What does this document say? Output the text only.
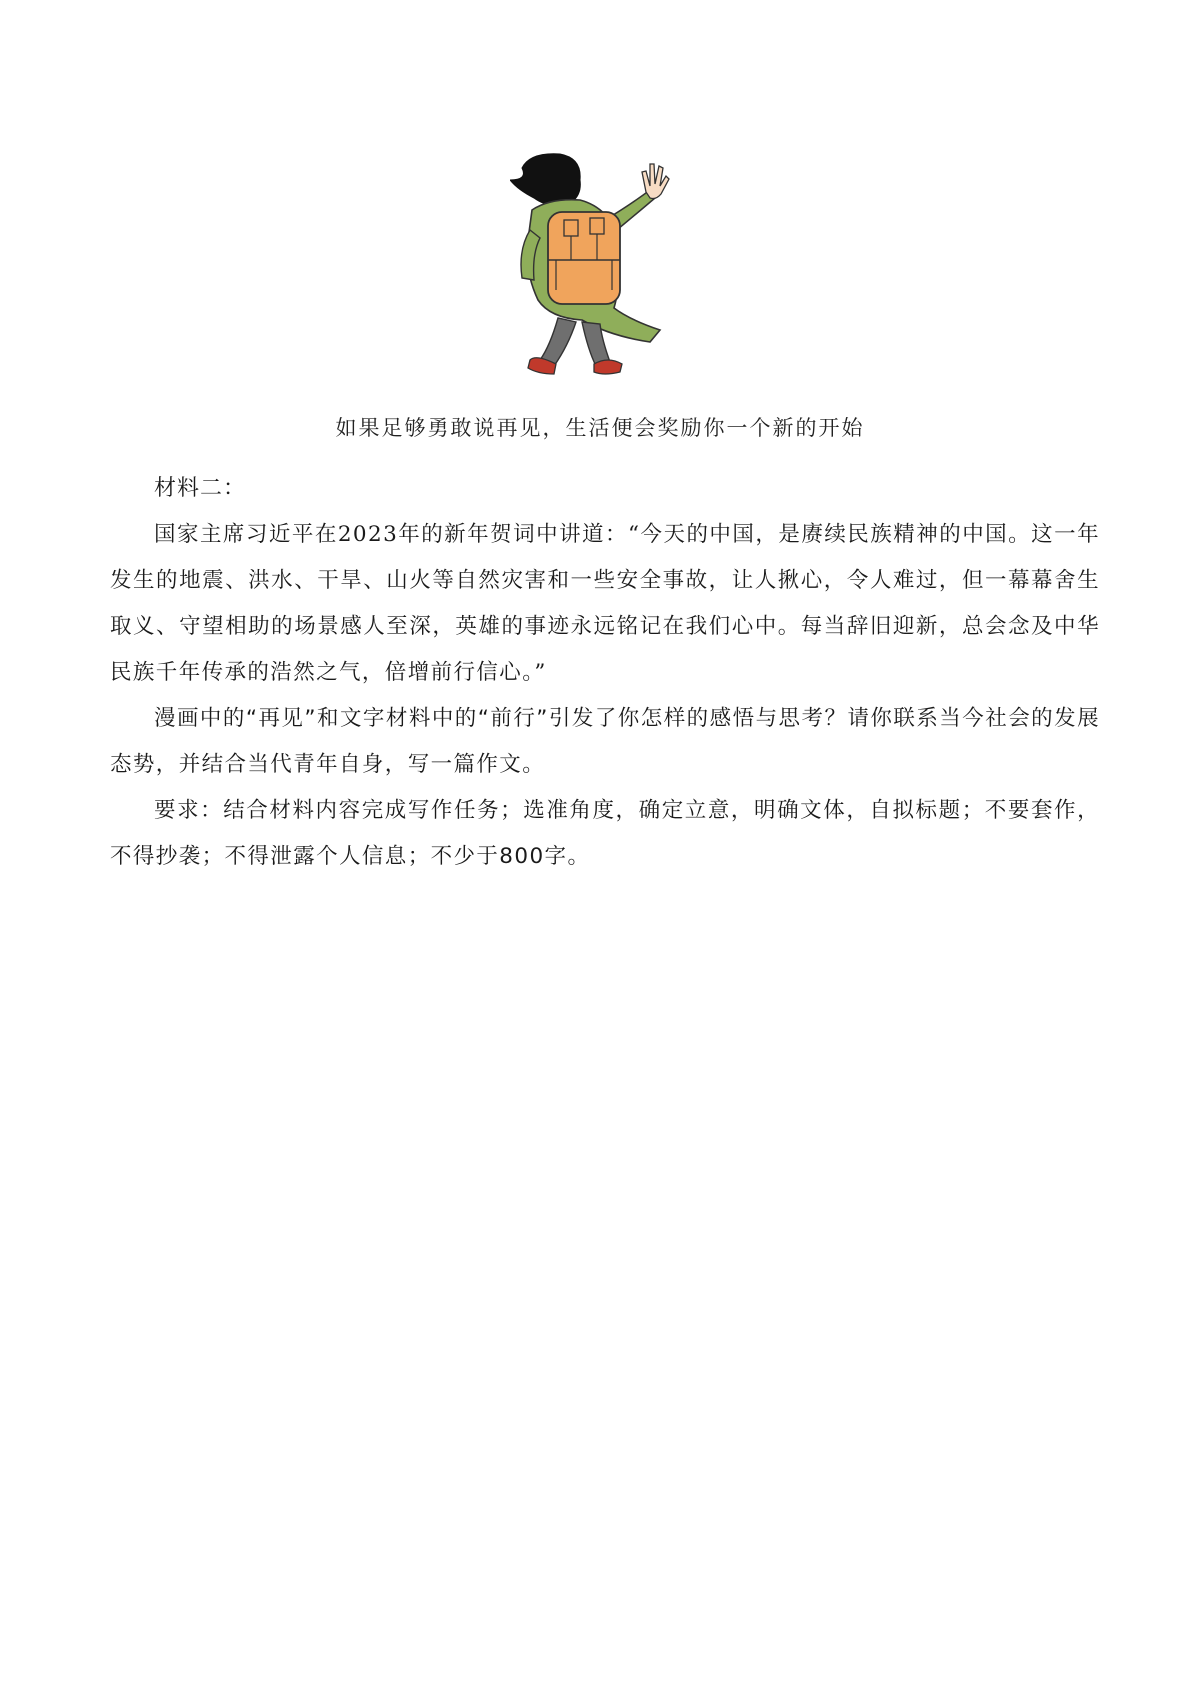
如果足够勇敢说再见，生活便会奖励你一个新的开始

材料二：

国家主席习近平在2023年的新年贺词中讲道：“今天的中国，是赓续民族精神的中国。这一年发生的地震、洪水、干旱、山火等自然灾害和一些安全事故，让人揪心，令人难过，但一幕幕舍生取义、守望相助的场景感人至深，英雄的事迹永远铭记在我们心中。每当辞旧迎新，总会念及中华民族千年传承的浩然之气，倍增前行信心。”

漫画中的“再见”和文字材料中的“前行”引发了你怎样的感悟与思考？请你联系当今社会的发展态势，并结合当代青年自身，写一篇作文。

要求：结合材料内容完成写作任务；选准角度，确定立意，明确文体，自拟标题；不要套作，不得抄袭；不得泄露个人信息；不少于800字。
